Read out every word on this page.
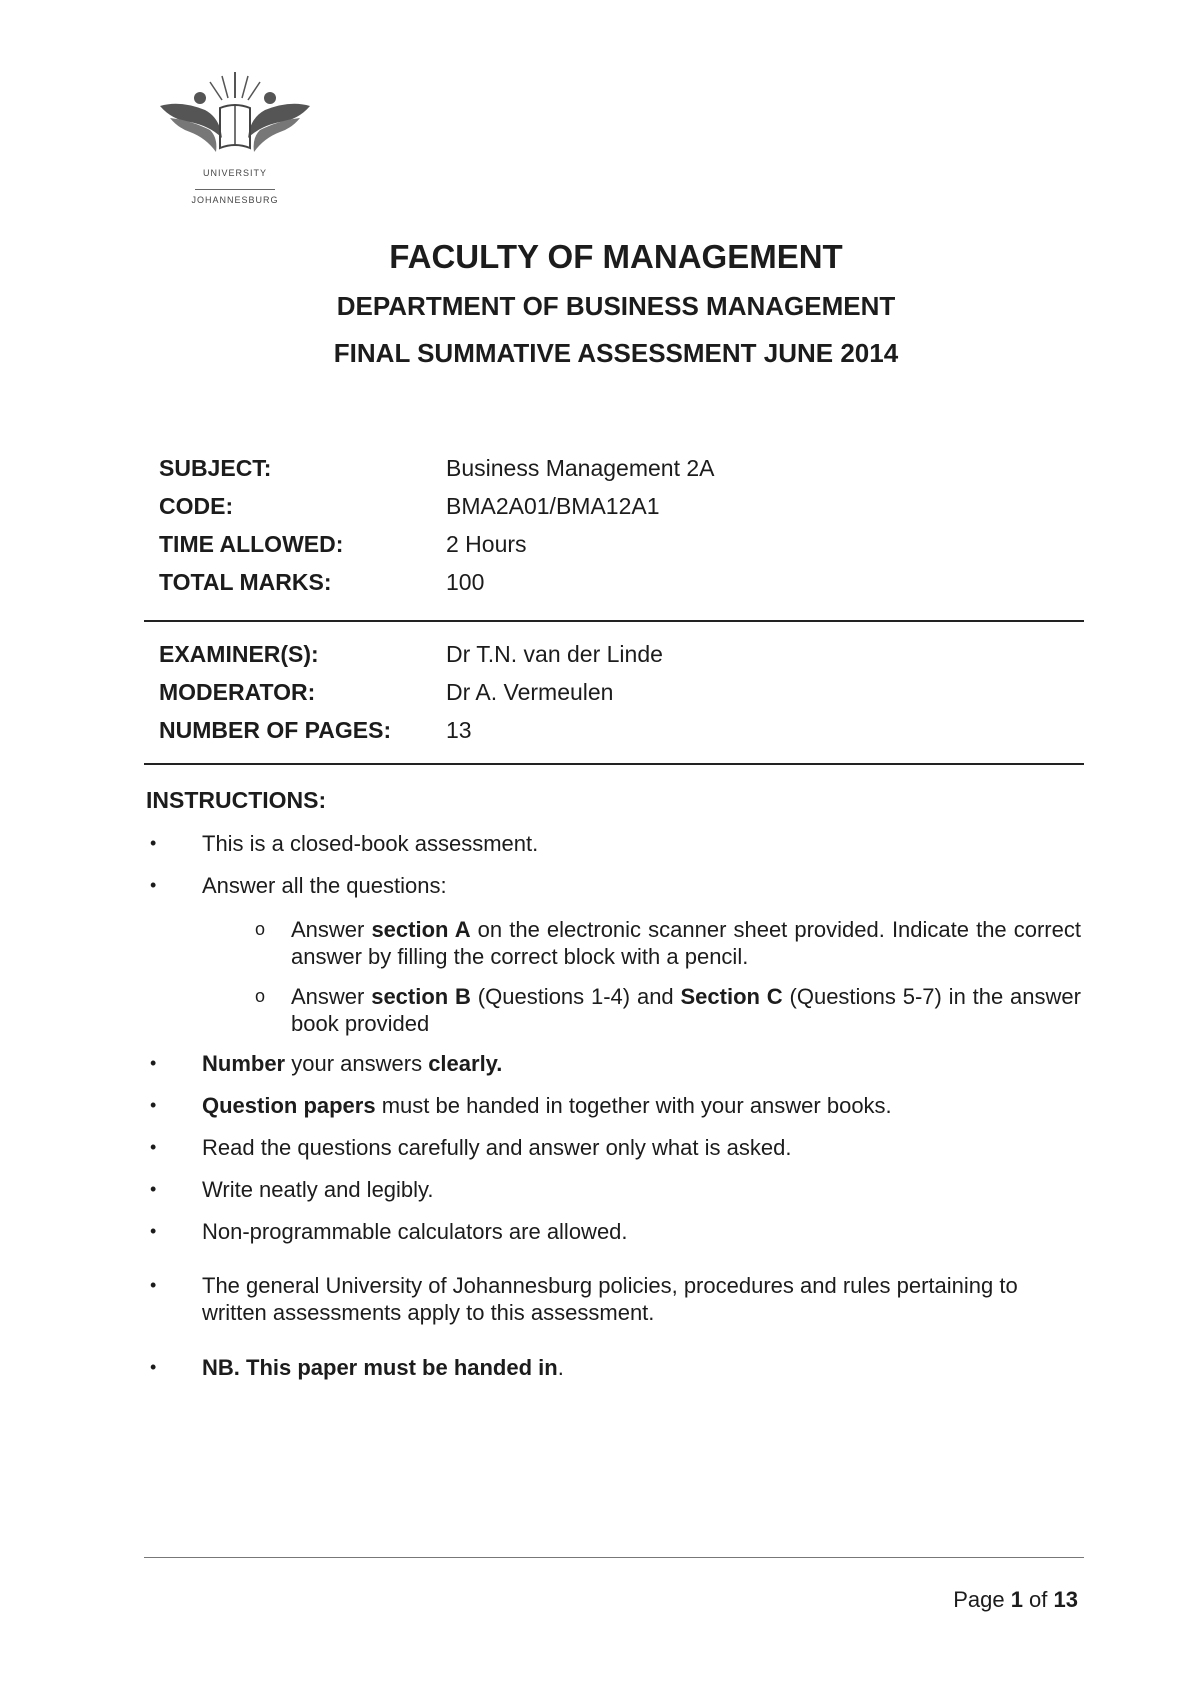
UNIVERSITY
JOHANNESBURG
FACULTY OF MANAGEMENT
DEPARTMENT OF BUSINESS MANAGEMENT
FINAL SUMMATIVE ASSESSMENT JUNE 2014
SUBJECT:	Business Management 2A
CODE:	BMA2A01/BMA12A1
TIME ALLOWED:	2 Hours
TOTAL MARKS:	100
EXAMINER(S):	Dr T.N. van der Linde
MODERATOR:	Dr A. Vermeulen
NUMBER OF PAGES: 13
INSTRUCTIONS:
• This is a closed-book assessment.
• Answer all the questions:
o Answer section A on the electronic scanner sheet provided. Indicate the correct answer by filling the correct block with a pencil.
o Answer section B (Questions 1-4) and Section C (Questions 5-7) in the answer book provided
• Number your answers clearly.
• Question papers must be handed in together with your answer books.
• Read the questions carefully and answer only what is asked.
• Write neatly and legibly.
• Non-programmable calculators are allowed.
• The general University of Johannesburg policies, procedures and rules pertaining to written assessments apply to this assessment.
• NB. This paper must be handed in.
Page 1 of 13
